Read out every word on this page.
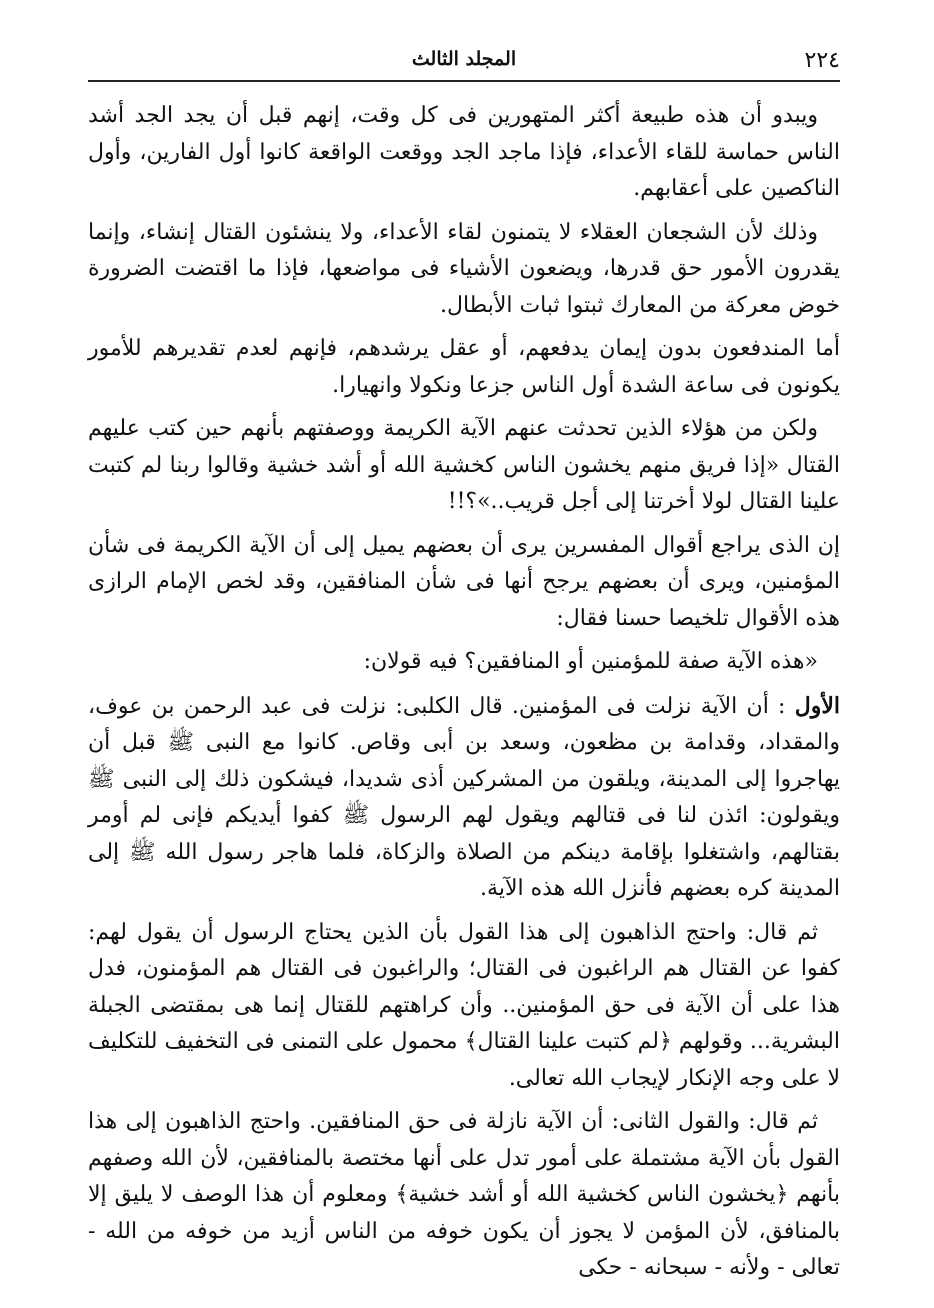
٢٢٤
المجلد الثالث

ويبدو أن هذه طبيعة أكثر المتهورين فى كل وقت، إنهم قبل أن يجد الجد أشد الناس حماسة للقاء الأعداء، فإذا ماجد الجد ووقعت الواقعة كانوا أول الفارين، وأول الناكصين على أعقابهم.

وذلك لأن الشجعان العقلاء لا يتمنون لقاء الأعداء، ولا ينشئون القتال إنشاء، وإنما يقدرون الأمور حق قدرها، ويضعون الأشياء فى مواضعها، فإذا ما اقتضت الضرورة خوض معركة من المعارك ثبتوا ثبات الأبطال.

أما المندفعون بدون إيمان يدفعهم، أو عقل يرشدهم، فإنهم لعدم تقديرهم للأمور يكونون فى ساعة الشدة أول الناس جزعا ونكولا وانهيارا.

ولكن من هؤلاء الذين تحدثت عنهم الآية الكريمة ووصفتهم بأنهم حين كتب عليهم القتال «إذا فريق منهم يخشون الناس كخشية الله أو أشد خشية وقالوا ربنا لم كتبت علينا القتال لولا أخرتنا إلى أجل قريب..»؟!!

إن الذى يراجع أقوال المفسرين يرى أن بعضهم يميل إلى أن الآية الكريمة فى شأن المؤمنين، ويرى أن بعضهم يرجح أنها فى شأن المنافقين، وقد لخص الإمام الرازى هذه الأقوال تلخيصا حسنا فقال:

«هذه الآية صفة للمؤمنين أو المنافقين؟ فيه قولان:

الأول : أن الآية نزلت فى المؤمنين. قال الكلبى: نزلت فى عبد الرحمن بن عوف، والمقداد، وقدامة بن مظعون، وسعد بن أبى وقاص. كانوا مع النبى ﷺ قبل أن يهاجروا إلى المدينة، ويلقون من المشركين أذى شديدا، فيشكون ذلك إلى النبى ﷺ ويقولون: ائذن لنا فى قتالهم ويقول لهم الرسول ﷺ كفوا أيديكم فإنى لم أومر بقتالهم، واشتغلوا بإقامة دينكم من الصلاة والزكاة، فلما هاجر رسول الله ﷺ إلى المدينة كره بعضهم فأنزل الله هذه الآية.

ثم قال: واحتج الذاهبون إلى هذا القول بأن الذين يحتاج الرسول أن يقول لهم: كفوا عن القتال هم الراغبون فى القتال؛ والراغبون فى القتال هم المؤمنون، فدل هذا على أن الآية فى حق المؤمنين.. وأن كراهتهم للقتال إنما هى بمقتضى الجبلة البشرية... وقولهم ﴿لم كتبت علينا القتال﴾ محمول على التمنى فى التخفيف للتكليف لا على وجه الإنكار لإيجاب الله تعالى.

ثم قال: والقول الثانى: أن الآية نازلة فى حق المنافقين. واحتج الذاهبون إلى هذا القول بأن الآية مشتملة على أمور تدل على أنها مختصة بالمنافقين، لأن الله وصفهم بأنهم ﴿يخشون الناس كخشية الله أو أشد خشية﴾ ومعلوم أن هذا الوصف لا يليق إلا بالمنافق، لأن المؤمن لا يجوز أن يكون خوفه من الناس أزيد من خوفه من الله - تعالى - ولأنه - سبحانه - حكى
